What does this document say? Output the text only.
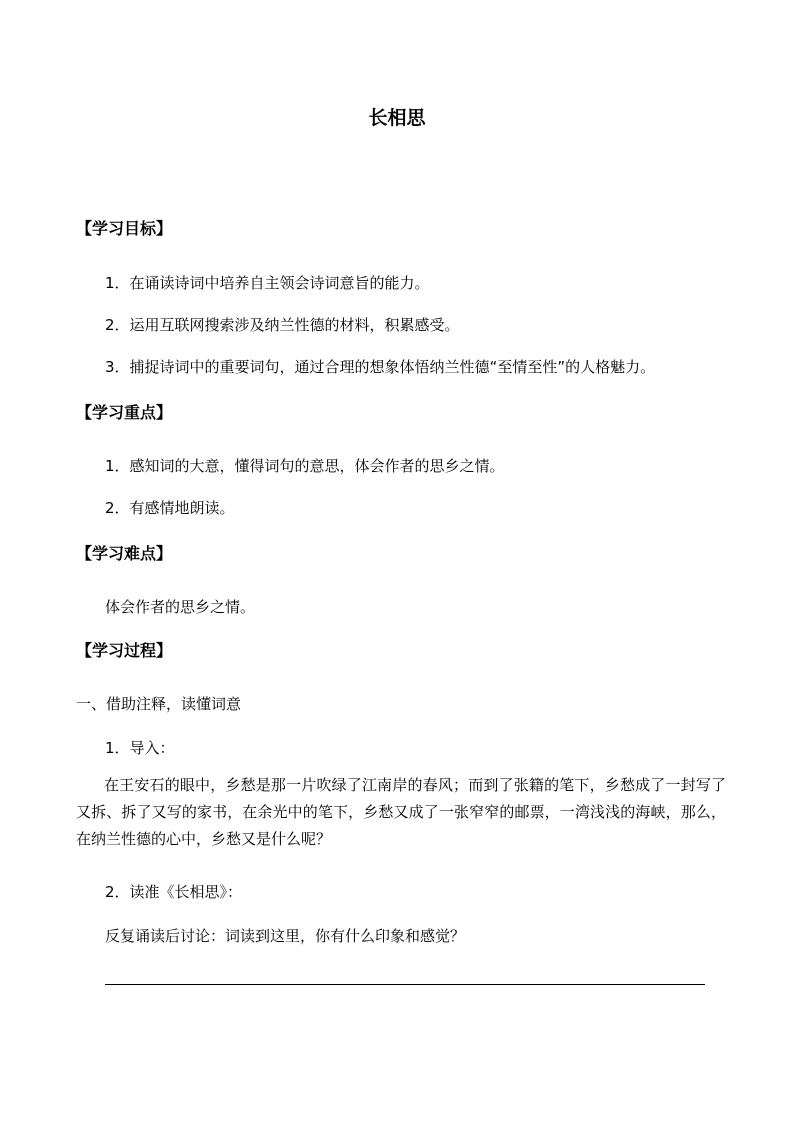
长相思
【学习目标】
1．在诵读诗词中培养自主领会诗词意旨的能力。
2．运用互联网搜索涉及纳兰性德的材料，积累感受。
3．捕捉诗词中的重要词句，通过合理的想象体悟纳兰性德“至情至性”的人格魅力。
【学习重点】
1．感知词的大意，懂得词句的意思，体会作者的思乡之情。
2．有感情地朗读。
【学习难点】
体会作者的思乡之情。
【学习过程】
一、借助注释，读懂词意
1．导入：

在王安石的眼中，乡愁是那一片吹绿了江南岸的春风；而到了张籍的笔下，乡愁成了一封写了又拆、拆了又写的家书，在余光中的笔下，乡愁又成了一张窄窄的邮票，一湾浅浅的海峡，那么，在纳兰性德的心中，乡愁又是什么呢？

2．读准《长相思》：
反复诵读后讨论：词读到这里，你有什么印象和感觉？
